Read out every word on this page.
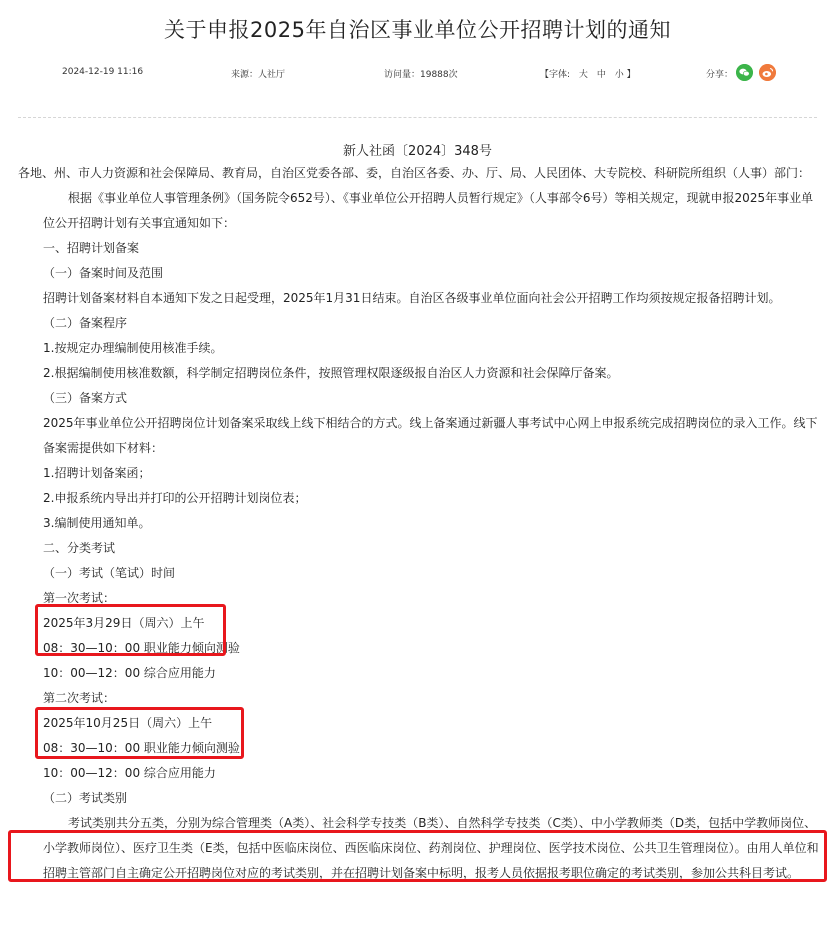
关于申报2025年自治区事业单位公开招聘计划的通知
2024-12-19 11:16	来源：人社厅	访问量：19888次	【字体: 大 中 小 】	分享：
新人社函〔2024〕348号

各地、州、市人力资源和社会保障局、教育局，自治区党委各部、委，自治区各委、办、厅、局、人民团体、大专院校、科研院所组织（人事）部门：

根据《事业单位人事管理条例》（国务院令652号）、《事业单位公开招聘人员暂行规定》（人事部令6号）等相关规定，现就申报2025年事业单位公开招聘计划有关事宜通知如下：

一、招聘计划备案

（一）备案时间及范围

招聘计划备案材料自本通知下发之日起受理，2025年1月31日结束。自治区各级事业单位面向社会公开招聘工作均须按规定报备招聘计划。

（二）备案程序

1.按规定办理编制使用核准手续。

2.根据编制使用核准数额，科学制定招聘岗位条件，按照管理权限逐级报自治区人力资源和社会保障厅备案。

（三）备案方式

2025年事业单位公开招聘岗位计划备案采取线上线下相结合的方式。线上备案通过新疆人事考试中心网上申报系统完成招聘岗位的录入工作。线下备案需提供如下材料：

1.招聘计划备案函；

2.申报系统内导出并打印的公开招聘计划岗位表；

3.编制使用通知单。

二、分类考试

（一）考试（笔试）时间

第一次考试：

2025年3月29日（周六）上午

08：30—10：00 职业能力倾向测验

10：00—12：00 综合应用能力

第二次考试：

2025年10月25日（周六）上午

08：30—10：00 职业能力倾向测验

10：00—12：00 综合应用能力

（二）考试类别

考试类别共分五类，分别为综合管理类（A类）、社会科学专技类（B类）、自然科学专技类（C类）、中小学教师类（D类，包括中学教师岗位、小学教师岗位）、医疗卫生类（E类，包括中医临床岗位、西医临床岗位、药剂岗位、护理岗位、医学技术岗位、公共卫生管理岗位）。由用人单位和招聘主管部门自主确定公开招聘岗位对应的考试类别，并在招聘计划备案中标明，报考人员依据报考职位确定的考试类别，参加公共科目考试。
